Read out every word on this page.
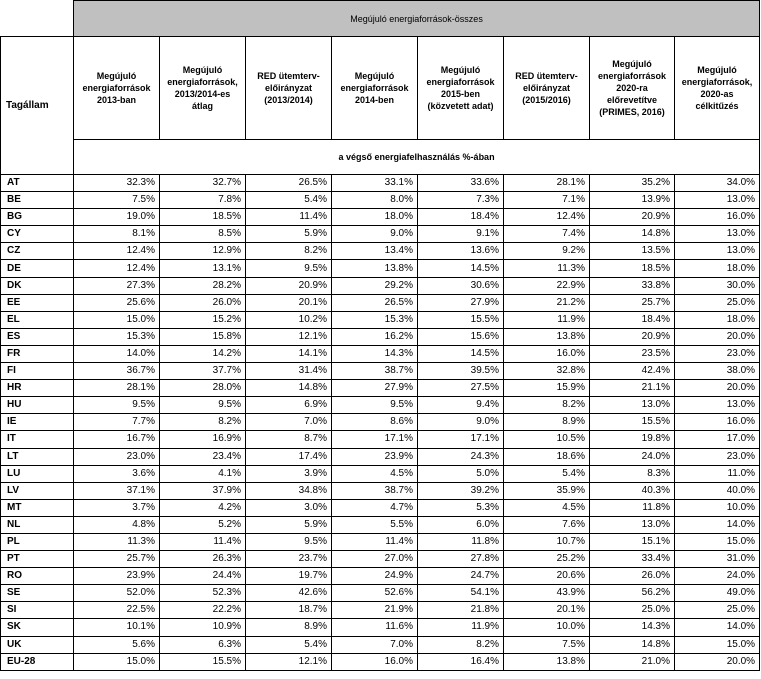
	Megújuló energiaforrások-összes							
Tagállam	Megújuló energiaforrások 2013-ban	Megújuló energiaforrások, 2013/2014-es átlag	RED ütemterv-előirányzat (2013/2014)	Megújuló energiaforrások 2014-ben	Megújuló energiaforrások 2015-ben (közvetett adat)	RED ütemterv-előirányzat (2015/2016)	Megújuló energiaforrások 2020-ra előrevetítve (PRIMES, 2016)	Megújuló energiaforrások, 2020-as célkitűzés
	a végső energiafelhasználás %-ában							
AT	32.3%	32.7%	26.5%	33.1%	33.6%	28.1%	35.2%	34.0%
BE	7.5%	7.8%	5.4%	8.0%	7.3%	7.1%	13.9%	13.0%
BG	19.0%	18.5%	11.4%	18.0%	18.4%	12.4%	20.9%	16.0%
CY	8.1%	8.5%	5.9%	9.0%	9.1%	7.4%	14.8%	13.0%
CZ	12.4%	12.9%	8.2%	13.4%	13.6%	9.2%	13.5%	13.0%
DE	12.4%	13.1%	9.5%	13.8%	14.5%	11.3%	18.5%	18.0%
DK	27.3%	28.2%	20.9%	29.2%	30.6%	22.9%	33.8%	30.0%
EE	25.6%	26.0%	20.1%	26.5%	27.9%	21.2%	25.7%	25.0%
EL	15.0%	15.2%	10.2%	15.3%	15.5%	11.9%	18.4%	18.0%
ES	15.3%	15.8%	12.1%	16.2%	15.6%	13.8%	20.9%	20.0%
FR	14.0%	14.2%	14.1%	14.3%	14.5%	16.0%	23.5%	23.0%
FI	36.7%	37.7%	31.4%	38.7%	39.5%	32.8%	42.4%	38.0%
HR	28.1%	28.0%	14.8%	27.9%	27.5%	15.9%	21.1%	20.0%
HU	9.5%	9.5%	6.9%	9.5%	9.4%	8.2%	13.0%	13.0%
IE	7.7%	8.2%	7.0%	8.6%	9.0%	8.9%	15.5%	16.0%
IT	16.7%	16.9%	8.7%	17.1%	17.1%	10.5%	19.8%	17.0%
LT	23.0%	23.4%	17.4%	23.9%	24.3%	18.6%	24.0%	23.0%
LU	3.6%	4.1%	3.9%	4.5%	5.0%	5.4%	8.3%	11.0%
LV	37.1%	37.9%	34.8%	38.7%	39.2%	35.9%	40.3%	40.0%
MT	3.7%	4.2%	3.0%	4.7%	5.3%	4.5%	11.8%	10.0%
NL	4.8%	5.2%	5.9%	5.5%	6.0%	7.6%	13.0%	14.0%
PL	11.3%	11.4%	9.5%	11.4%	11.8%	10.7%	15.1%	15.0%
PT	25.7%	26.3%	23.7%	27.0%	27.8%	25.2%	33.4%	31.0%
RO	23.9%	24.4%	19.7%	24.9%	24.7%	20.6%	26.0%	24.0%
SE	52.0%	52.3%	42.6%	52.6%	54.1%	43.9%	56.2%	49.0%
SI	22.5%	22.2%	18.7%	21.9%	21.8%	20.1%	25.0%	25.0%
SK	10.1%	10.9%	8.9%	11.6%	11.9%	10.0%	14.3%	14.0%
UK	5.6%	6.3%	5.4%	7.0%	8.2%	7.5%	14.8%	15.0%
EU-28	15.0%	15.5%	12.1%	16.0%	16.4%	13.8%	21.0%	20.0%
